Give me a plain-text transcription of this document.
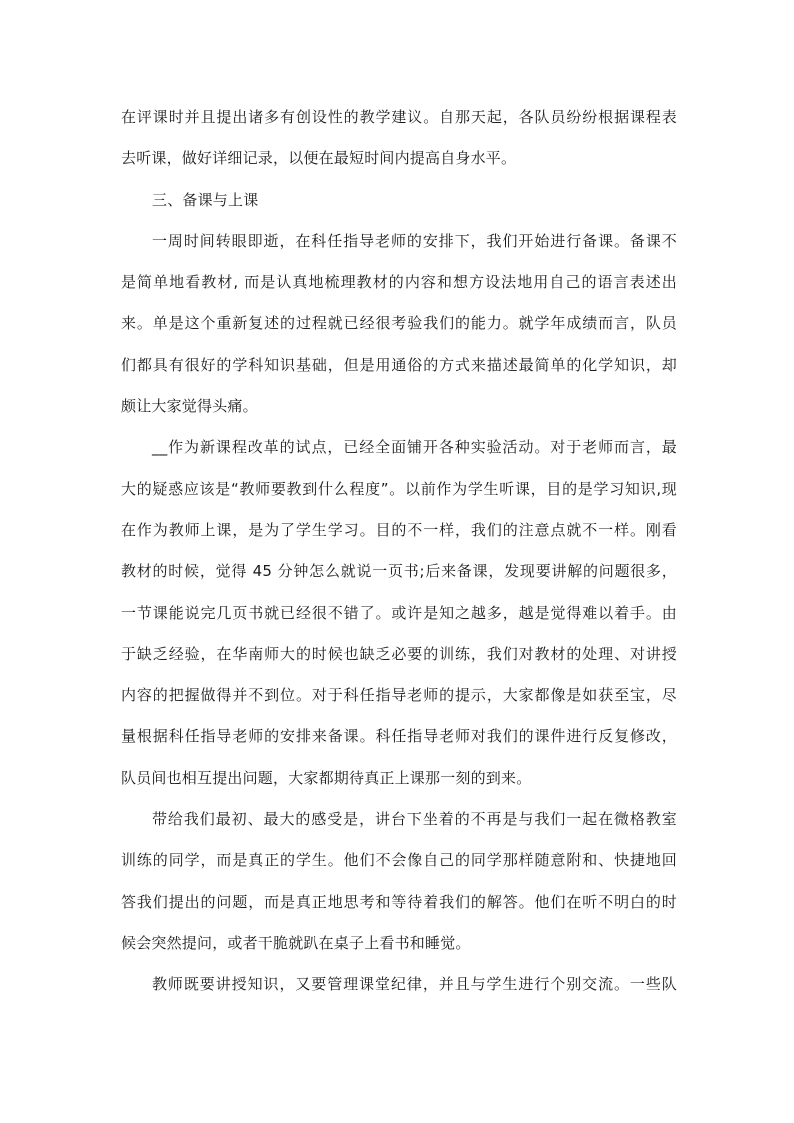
在评课时并且提出诸多有创设性的教学建议。自那天起，各队员纷纷根据课程表
去听课，做好详细记录，以便在最短时间内提高自身水平。
三、备课与上课
一周时间转眼即逝，在科任指导老师的安排下，我们开始进行备课。备课不
是简单地看教材, 而是认真地梳理教材的内容和想方设法地用自己的语言表述出
来。单是这个重新复述的过程就已经很考验我们的能力。就学年成绩而言，队员
们都具有很好的学科知识基础，但是用通俗的方式来描述最简单的化学知识，却
颇让大家觉得头痛。
__作为新课程改革的试点，已经全面铺开各种实验活动。对于老师而言，最
大的疑惑应该是“教师要教到什么程度”。以前作为学生听课，目的是学习知识,现
在作为教师上课，是为了学生学习。目的不一样，我们的注意点就不一样。刚看
教材的时候，觉得 45 分钟怎么就说一页书;后来备课，发现要讲解的问题很多，
一节课能说完几页书就已经很不错了。或许是知之越多，越是觉得难以着手。由
于缺乏经验，在华南师大的时候也缺乏必要的训练，我们对教材的处理、对讲授
内容的把握做得并不到位。对于科任指导老师的提示，大家都像是如获至宝，尽
量根据科任指导老师的安排来备课。科任指导老师对我们的课件进行反复修改，
队员间也相互提出问题，大家都期待真正上课那一刻的到来。
带给我们最初、最大的感受是，讲台下坐着的不再是与我们一起在微格教室
训练的同学，而是真正的学生。他们不会像自己的同学那样随意附和、快捷地回
答我们提出的问题，而是真正地思考和等待着我们的解答。他们在听不明白的时
候会突然提问，或者干脆就趴在桌子上看书和睡觉。
教师既要讲授知识，又要管理课堂纪律，并且与学生进行个别交流。一些队
